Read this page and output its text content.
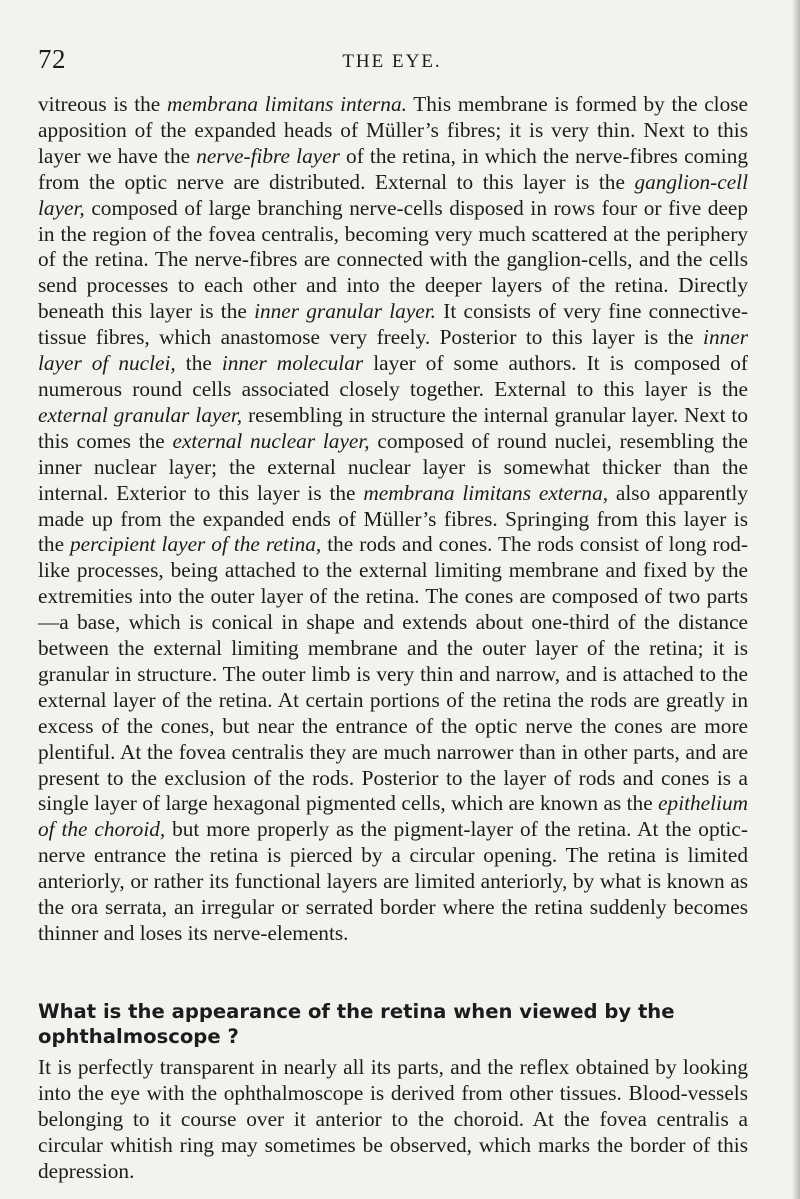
72	THE EYE.

vitreous is the membrana limitans interna. This membrane is formed by the close apposition of the expanded heads of Müller’s fibres; it is very thin. Next to this layer we have the nerve-fibre layer of the retina, in which the nerve-fibres coming from the optic nerve are distributed. External to this layer is the ganglion-cell layer, composed of large branching nerve-cells disposed in rows four or five deep in the region of the fovea centralis, becoming very much scattered at the periphery of the retina. The nerve-fibres are connected with the ganglion-cells, and the cells send processes to each other and into the deeper layers of the retina. Directly beneath this layer is the inner granular layer. It consists of very fine connective-tissue fibres, which anastomose very freely. Posterior to this layer is the inner layer of nuclei, the inner molecular layer of some authors. It is composed of numerous round cells associated closely together. External to this layer is the external granular layer, resembling in structure the internal granular layer. Next to this comes the external nuclear layer, composed of round nuclei, resembling the inner nuclear layer; the external nuclear layer is somewhat thicker than the internal. Exterior to this layer is the membrana limitans externa, also apparently made up from the expanded ends of Müller’s fibres. Springing from this layer is the percipient layer of the retina, the rods and cones. The rods consist of long rod-like processes, being attached to the external limiting membrane and fixed by the extremities into the outer layer of the retina. The cones are composed of two parts —a base, which is conical in shape and extends about one-third of the distance between the external limiting membrane and the outer layer of the retina; it is granular in structure. The outer limb is very thin and narrow, and is attached to the external layer of the retina. At certain portions of the retina the rods are greatly in excess of the cones, but near the entrance of the optic nerve the cones are more plentiful. At the fovea centralis they are much narrower than in other parts, and are present to the exclusion of the rods. Posterior to the layer of rods and cones is a single layer of large hexagonal pigmented cells, which are known as the epithelium of the choroid, but more properly as the pigment-layer of the retina. At the optic-nerve entrance the retina is pierced by a circular opening. The retina is limited anteriorly, or rather its functional layers are limited anteriorly, by what is known as the ora serrata, an irregular or serrated border where the retina suddenly becomes thinner and loses its nerve-elements.

What is the appearance of the retina when viewed by the ophthalmoscope ?

It is perfectly transparent in nearly all its parts, and the reflex obtained by looking into the eye with the ophthalmoscope is derived from other tissues. Blood-vessels belonging to it course over it anterior to the choroid. At the fovea centralis a circular whitish ring may sometimes be observed, which marks the border of this depression.
